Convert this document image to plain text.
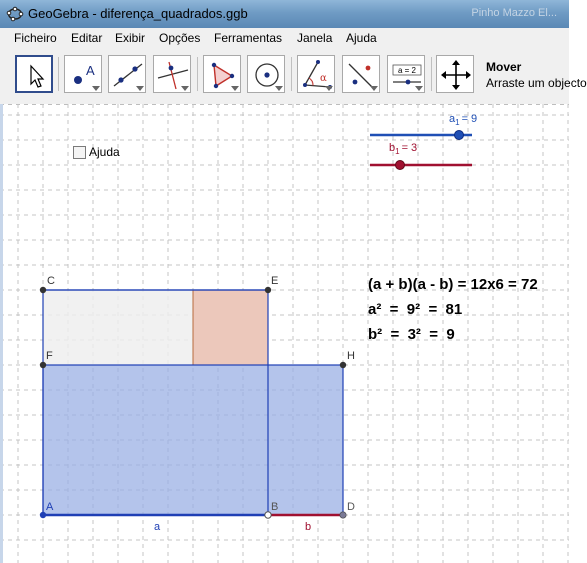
GeoGebra - diferença_quadrados.ggb	Pinho Mazzo El...
Ficheiro Editar Exibir Opções Ferramentas Janela Ajuda
A
α
a = 2	Mover
Arraste um objecto
C	E
F	H
A	B	D
a	b
$a_1 = 9$
$b_1 = 3$
Ajuda
(a + b)(a - b) = 12x6 = 72
a²  =  9²  =  81
b²  =  3²  =  9
